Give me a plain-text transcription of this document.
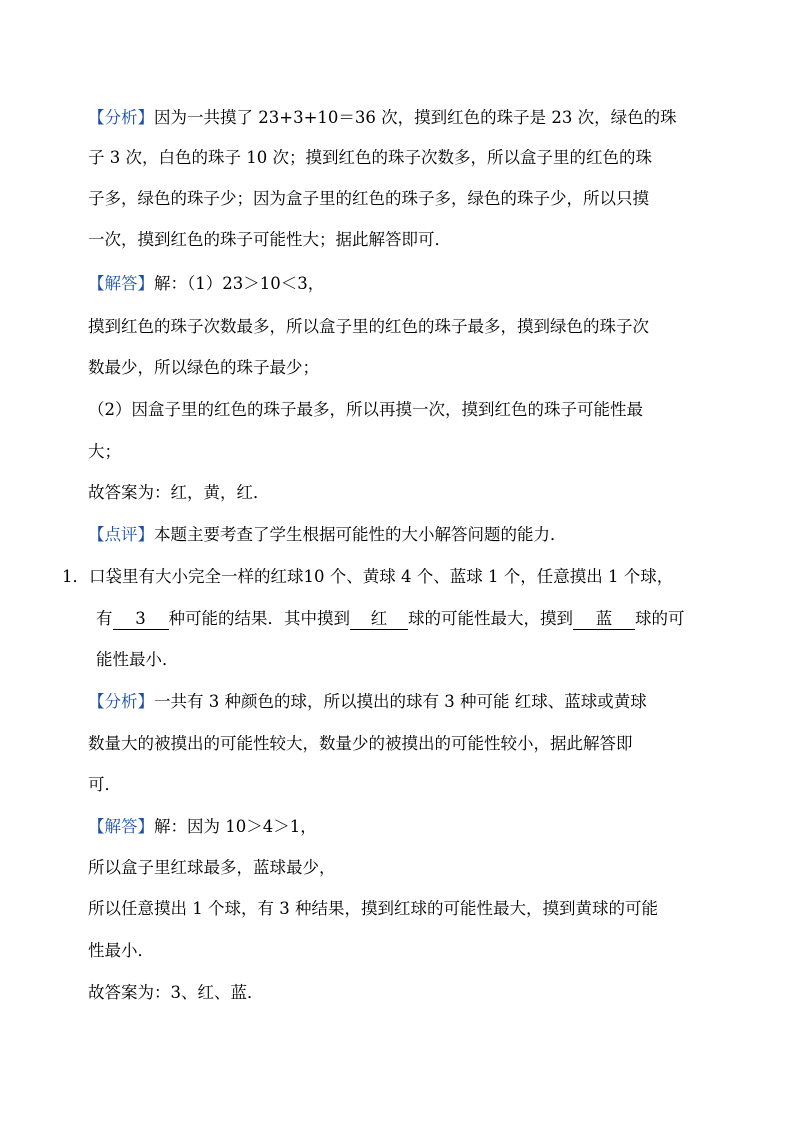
【分析】因为一共摸了 23+3+10＝36 次，摸到红色的珠子是 23 次，绿色的珠
子 3 次，白色的珠子 10 次；摸到红色的珠子次数多，所以盒子里的红色的珠
子多，绿色的珠子少；因为盒子里的红色的珠子多，绿色的珠子少，所以只摸
一次，摸到红色的珠子可能性大；据此解答即可．
【解答】解：（1）23＞10＜3，
摸到红色的珠子次数最多，所以盒子里的红色的珠子最多，摸到绿色的珠子次
数最少，所以绿色的珠子最少；
（2）因盒子里的红色的珠子最多，所以再摸一次，摸到红色的珠子可能性最
大；
故答案为：红，黄，红．
【点评】本题主要考查了学生根据可能性的大小解答问题的能力．
1．口袋里有大小完全一样的红球10 个、黄球 4 个、蓝球 1 个，任意摸出 1 个球，
有 3 种可能的结果．其中摸到 红 球的可能性最大，摸到 蓝 球的可
能性最小．
【分析】一共有 3 种颜色的球，所以摸出的球有 3 种可能 红球、蓝球或黄球
数量大的被摸出的可能性较大，数量少的被摸出的可能性较小，据此解答即
可．
【解答】解：因为 10＞4＞1，
所以盒子里红球最多，蓝球最少，
所以任意摸出 1 个球，有 3 种结果，摸到红球的可能性最大，摸到黄球的可能
性最小．
故答案为：3、红、蓝．
